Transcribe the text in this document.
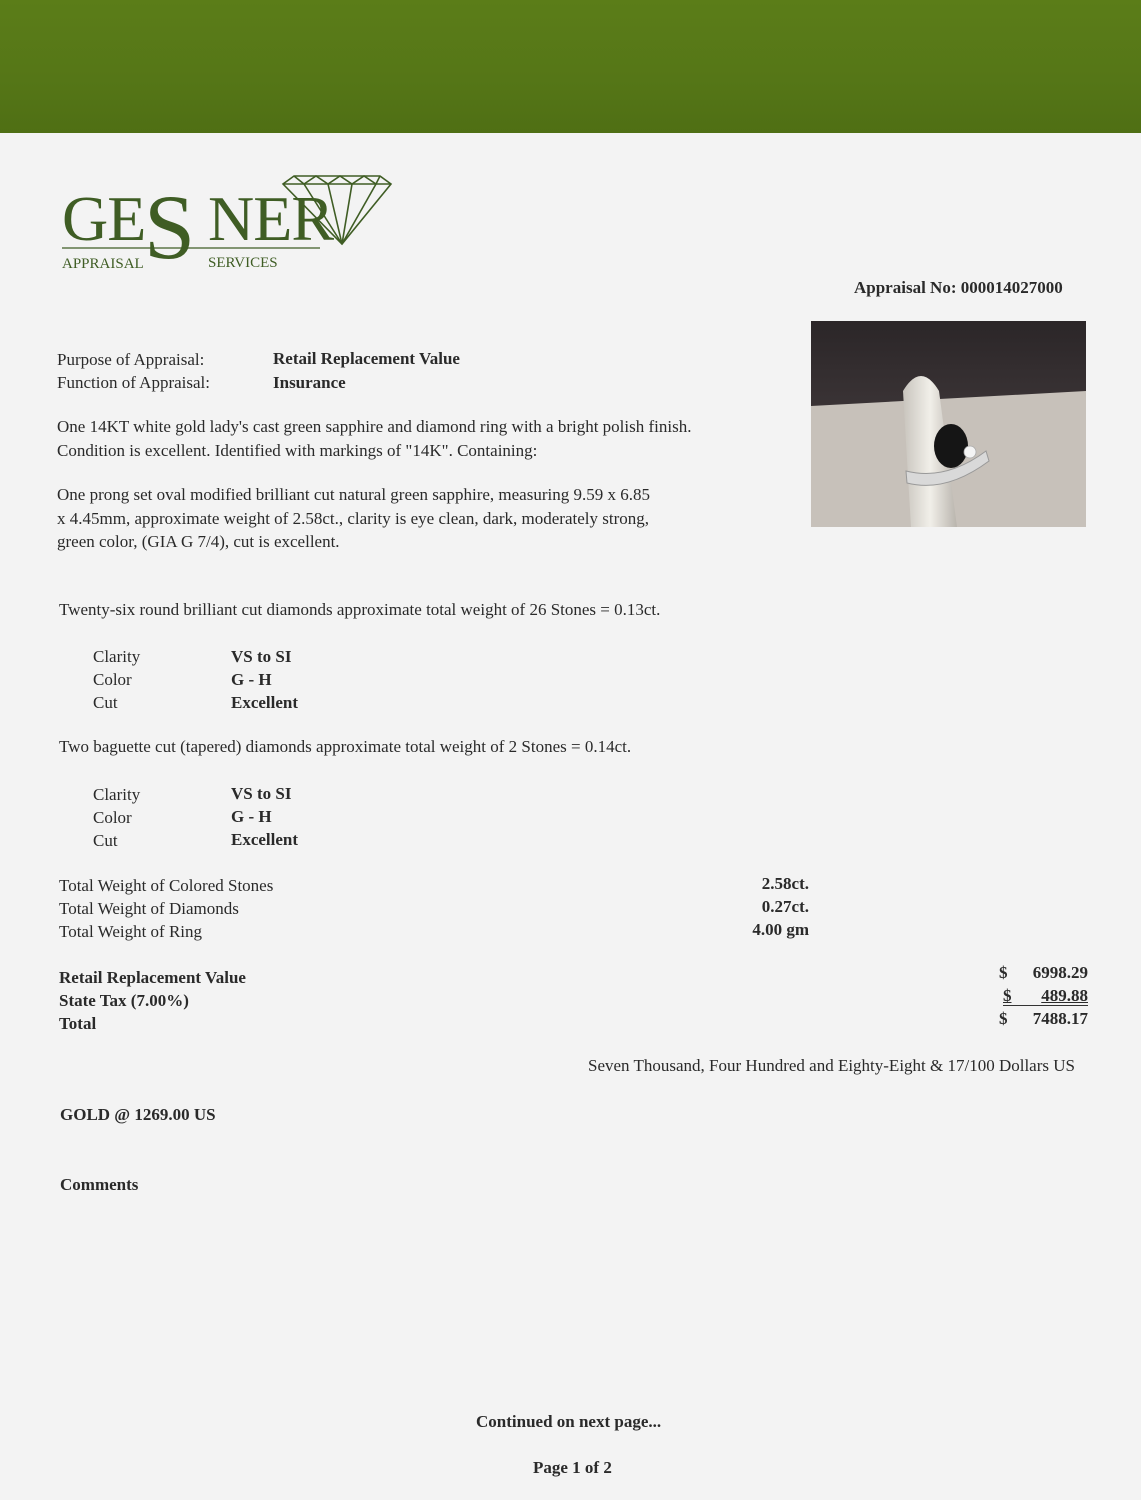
GE
S NER
APPRAISAL	SERVICES
Appraisal No: 000014027000
Purpose of Appraisal:	Retail Replacement Value
Function of Appraisal:	Insurance
One 14KT white gold lady's cast green sapphire and diamond ring with a bright polish finish.
Condition is excellent. Identified with markings of "14K". Containing:
One prong set oval modified brilliant cut natural green sapphire, measuring 9.59 x 6.85
x 4.45mm, approximate weight of 2.58ct., clarity is eye clean, dark, moderately strong,
green color, (GIA G 7/4), cut is excellent.
Twenty-six round brilliant cut diamonds approximate total weight of 26 Stones = 0.13ct.
Clarity	VS to SI
Color	G - H
Cut	Excellent
Two baguette cut (tapered) diamonds approximate total weight of 2 Stones = 0.14ct.
Clarity	VS to SI
Color	G - H
Cut	Excellent
Total Weight of Colored Stones	2.58ct.
Total Weight of Diamonds	0.27ct.
Total Weight of Ring	4.00 gm
Retail Replacement Value	$ 6998.29
State Tax (7.00%)	$ 489.88
Total	$ 7488.17
Seven Thousand, Four Hundred and Eighty-Eight & 17/100 Dollars US
GOLD @ 1269.00 US
Comments
Continued on next page...
Page 1 of 2
